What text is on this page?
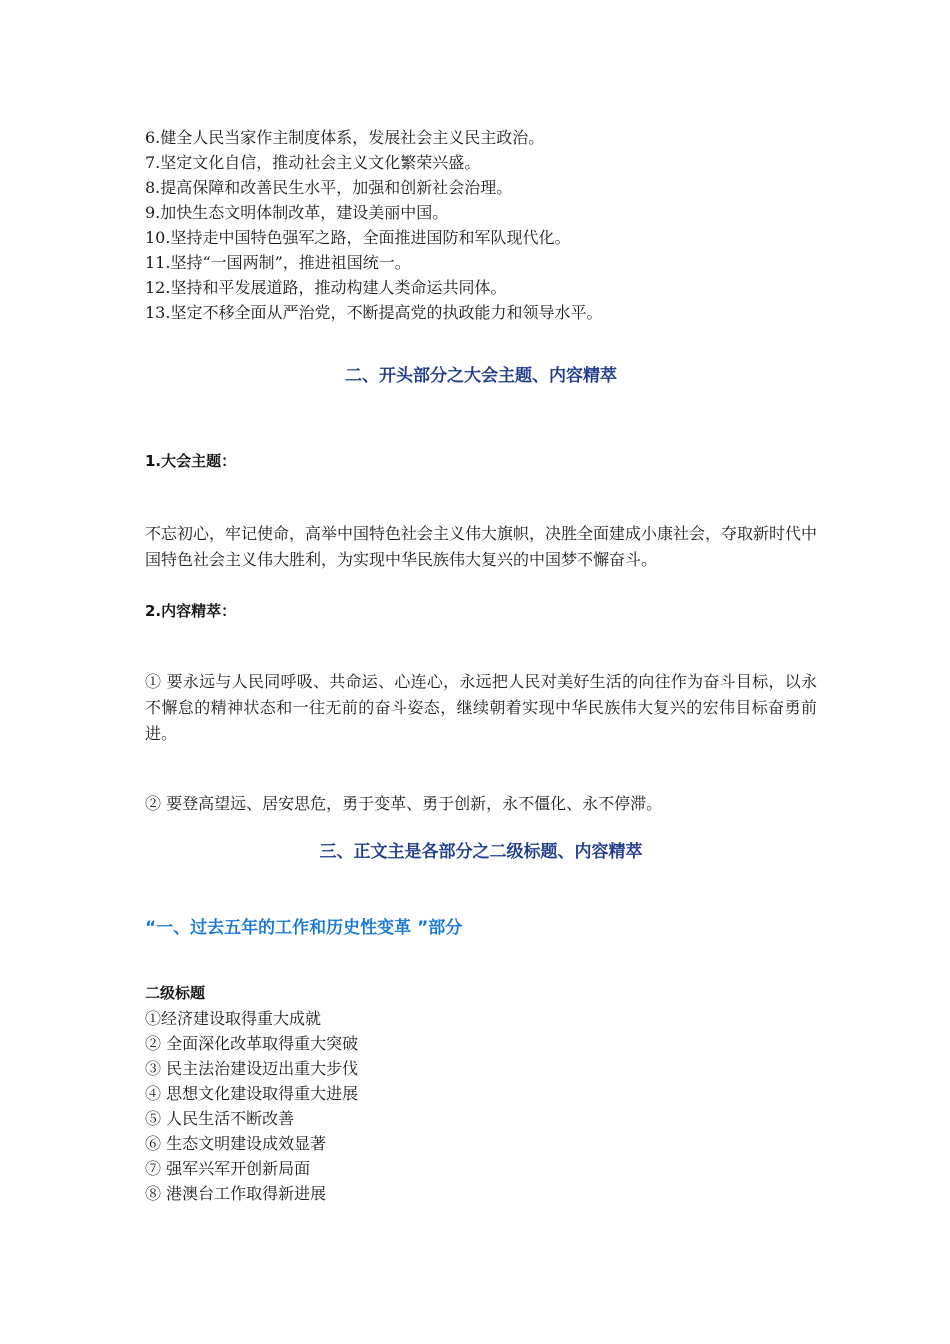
6.健全人民当家作主制度体系，发展社会主义民主政治。
7.坚定文化自信，推动社会主义文化繁荣兴盛。
8.提高保障和改善民生水平，加强和创新社会治理。
9.加快生态文明体制改革，建设美丽中国。
10.坚持走中国特色强军之路，全面推进国防和军队现代化。
11.坚持“一国两制”，推进祖国统一。
12.坚持和平发展道路，推动构建人类命运共同体。
13.坚定不移全面从严治党，不断提高党的执政能力和领导水平。
二、开头部分之大会主题、内容精萃
1.大会主题：
不忘初心，牢记使命，高举中国特色社会主义伟大旗帜，决胜全面建成小康社会，夺取新时代中国特色社会主义伟大胜利，为实现中华民族伟大复兴的中国梦不懈奋斗。
2.内容精萃：
① 要永远与人民同呼吸、共命运、心连心，永远把人民对美好生活的向往作为奋斗目标，以永不懈怠的精神状态和一往无前的奋斗姿态，继续朝着实现中华民族伟大复兴的宏伟目标奋勇前进。
② 要登高望远、居安思危，勇于变革、勇于创新，永不僵化、永不停滞。
三、正文主是各部分之二级标题、内容精萃
“一、过去五年的工作和历史性变革 ”部分
二级标题
①经济建设取得重大成就
② 全面深化改革取得重大突破
③ 民主法治建设迈出重大步伐
④ 思想文化建设取得重大进展
⑤ 人民生活不断改善
⑥ 生态文明建设成效显著
⑦ 强军兴军开创新局面
⑧ 港澳台工作取得新进展
